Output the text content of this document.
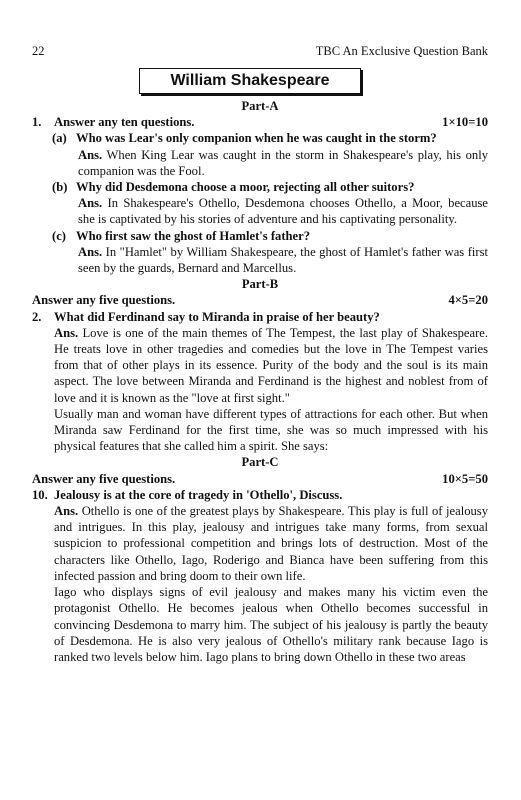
22	TBC An Exclusive Question Bank
William Shakespeare

Part-A

1. Answer any ten questions.	1×10=10
(a) Who was Lear's only companion when he was caught in the storm?

Ans. When King Lear was caught in the storm in Shakespeare's play, his only companion was the Fool.

(b) Why did Desdemona choose a moor, rejecting all other suitors?

Ans. In Shakespeare's Othello, Desdemona chooses Othello, a Moor, because she is captivated by his stories of adventure and his captivating personality.

(c) Who first saw the ghost of Hamlet's father?

Ans. In "Hamlet" by William Shakespeare, the ghost of Hamlet's father was first seen by the guards, Bernard and Marcellus.

Part-B

Answer any five questions.	4×5=20
2. What did Ferdinand say to Miranda in praise of her beauty?

Ans. Love is one of the main themes of The Tempest, the last play of Shakespeare. He treats love in other tragedies and comedies but the love in The Tempest varies from that of other plays in its essence. Purity of the body and the soul is its main aspect. The love between Miranda and Ferdinand is the highest and noblest from of love and it is known as the "love at first sight."

Usually man and woman have different types of attractions for each other. But when Miranda saw Ferdinand for the first time, she was so much impressed with his physical features that she called him a spirit. She says:

Part-C

Answer any five questions.	10×5=50
10. Jealousy is at the core of tragedy in 'Othello', Discuss.

Ans. Othello is one of the greatest plays by Shakespeare. This play is full of jealousy and intrigues. In this play, jealousy and intrigues take many forms, from sexual suspicion to professional competition and brings lots of destruction. Most of the characters like Othello, Iago, Roderigo and Bianca have been suffering from this infected passion and bring doom to their own life.

Iago who displays signs of evil jealousy and makes many his victim even the protagonist Othello. He becomes jealous when Othello becomes successful in convincing Desdemona to marry him. The subject of his jealousy is partly the beauty of Desdemona. He is also very jealous of Othello's military rank because Iago is ranked two levels below him. Iago plans to bring down Othello in these two areas
